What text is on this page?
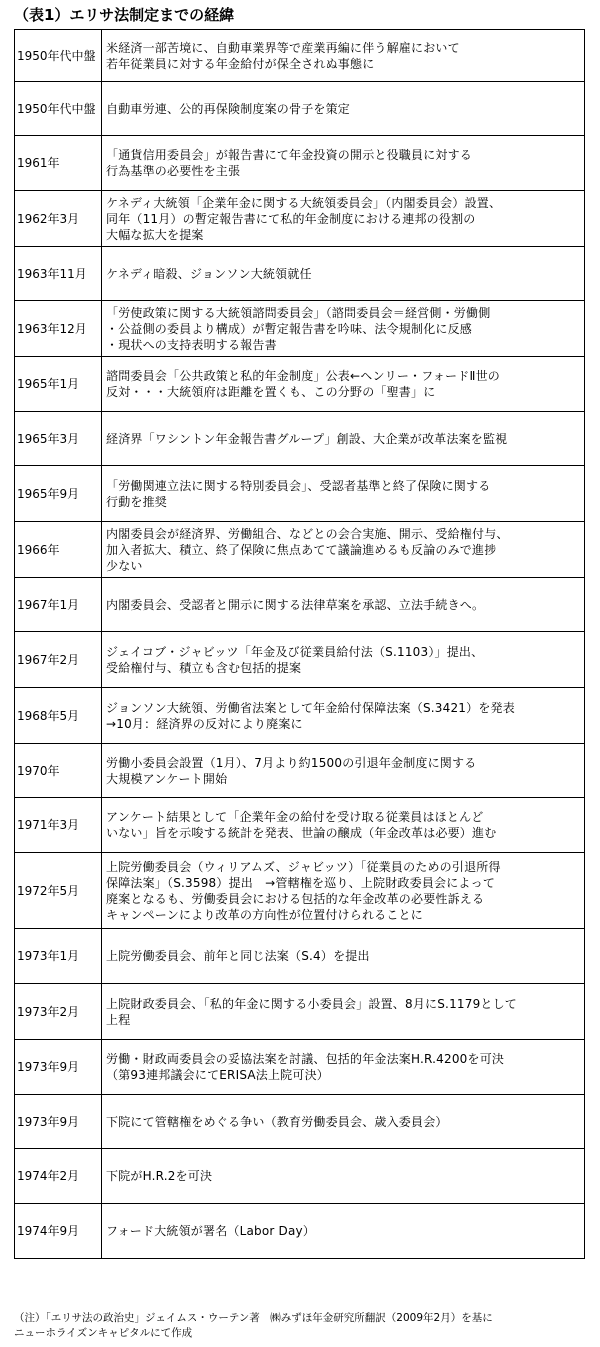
（表1）エリサ法制定までの経緯
1950年代中盤	米経済一部苦境に、自動車業界等で産業再編に伴う解雇において
若年従業員に対する年金給付が保全されぬ事態に
1950年代中盤	自動車労連、公的再保険制度案の骨子を策定
1961年	「通貨信用委員会」が報告書にて年金投資の開示と役職員に対する
行為基準の必要性を主張
1962年3月	ケネディ大統領「企業年金に関する大統領委員会」（内閣委員会）設置、
同年（11月）の暫定報告書にて私的年金制度における連邦の役割の
大幅な拡大を提案
1963年11月	ケネディ暗殺、ジョンソン大統領就任
1963年12月	「労使政策に関する大統領諮問委員会」（諮問委員会＝経営側・労働側
・公益側の委員より構成）が暫定報告書を吟味、法令規制化に反感
・現状への支持表明する報告書
1965年1月	諮問委員会「公共政策と私的年金制度」公表←ヘンリー・フォードⅡ世の
反対・・・大統領府は距離を置くも、この分野の「聖書」に
1965年3月	経済界「ワシントン年金報告書グループ」創設、大企業が改革法案を監視
1965年9月	「労働関連立法に関する特別委員会」、受認者基準と終了保険に関する
行動を推奨
1966年	内閣委員会が経済界、労働組合、などとの会合実施、開示、受給権付与、
加入者拡大、積立、終了保険に焦点あてて議論進めるも反論のみで進捗
少ない
1967年1月	内閣委員会、受認者と開示に関する法律草案を承認、立法手続きへ。
1967年2月	ジェイコブ・ジャビッツ「年金及び従業員給付法（S.1103）」提出、
受給権付与、積立も含む包括的提案
1968年5月	ジョンソン大統領、労働省法案として年金給付保障法案（S.3421）を発表
→10月：経済界の反対により廃案に
1970年	労働小委員会設置（1月）、7月より約1500の引退年金制度に関する
大規模アンケート開始
1971年3月	アンケート結果として「企業年金の給付を受け取る従業員はほとんど
いない」旨を示唆する統計を発表、世論の醸成（年金改革は必要）進む
1972年5月	上院労働委員会（ウィリアムズ、ジャビッツ）「従業員のための引退所得
保障法案」（S.3598）提出　→管轄権を巡り、上院財政委員会によって
廃案となるも、労働委員会における包括的な年金改革の必要性訴える
キャンペーンにより改革の方向性が位置付けられることに
1973年1月	上院労働委員会、前年と同じ法案（S.4）を提出
1973年2月	上院財政委員会、「私的年金に関する小委員会」設置、8月にS.1179として
上程
1973年9月	労働・財政両委員会の妥協法案を討議、包括的年金法案H.R.4200を可決
（第93連邦議会にてERISA法上院可決）
1973年9月	下院にて管轄権をめぐる争い（教育労働委員会、歳入委員会）
1974年2月	下院がH.R.2を可決
1974年9月	フォード大統領が署名（Labor Day）
（注）「エリサ法の政治史」ジェイムス・ウーテン著　㈱みずほ年金研究所翻訳（2009年2月）を基に
ニューホライズンキャピタルにて作成
